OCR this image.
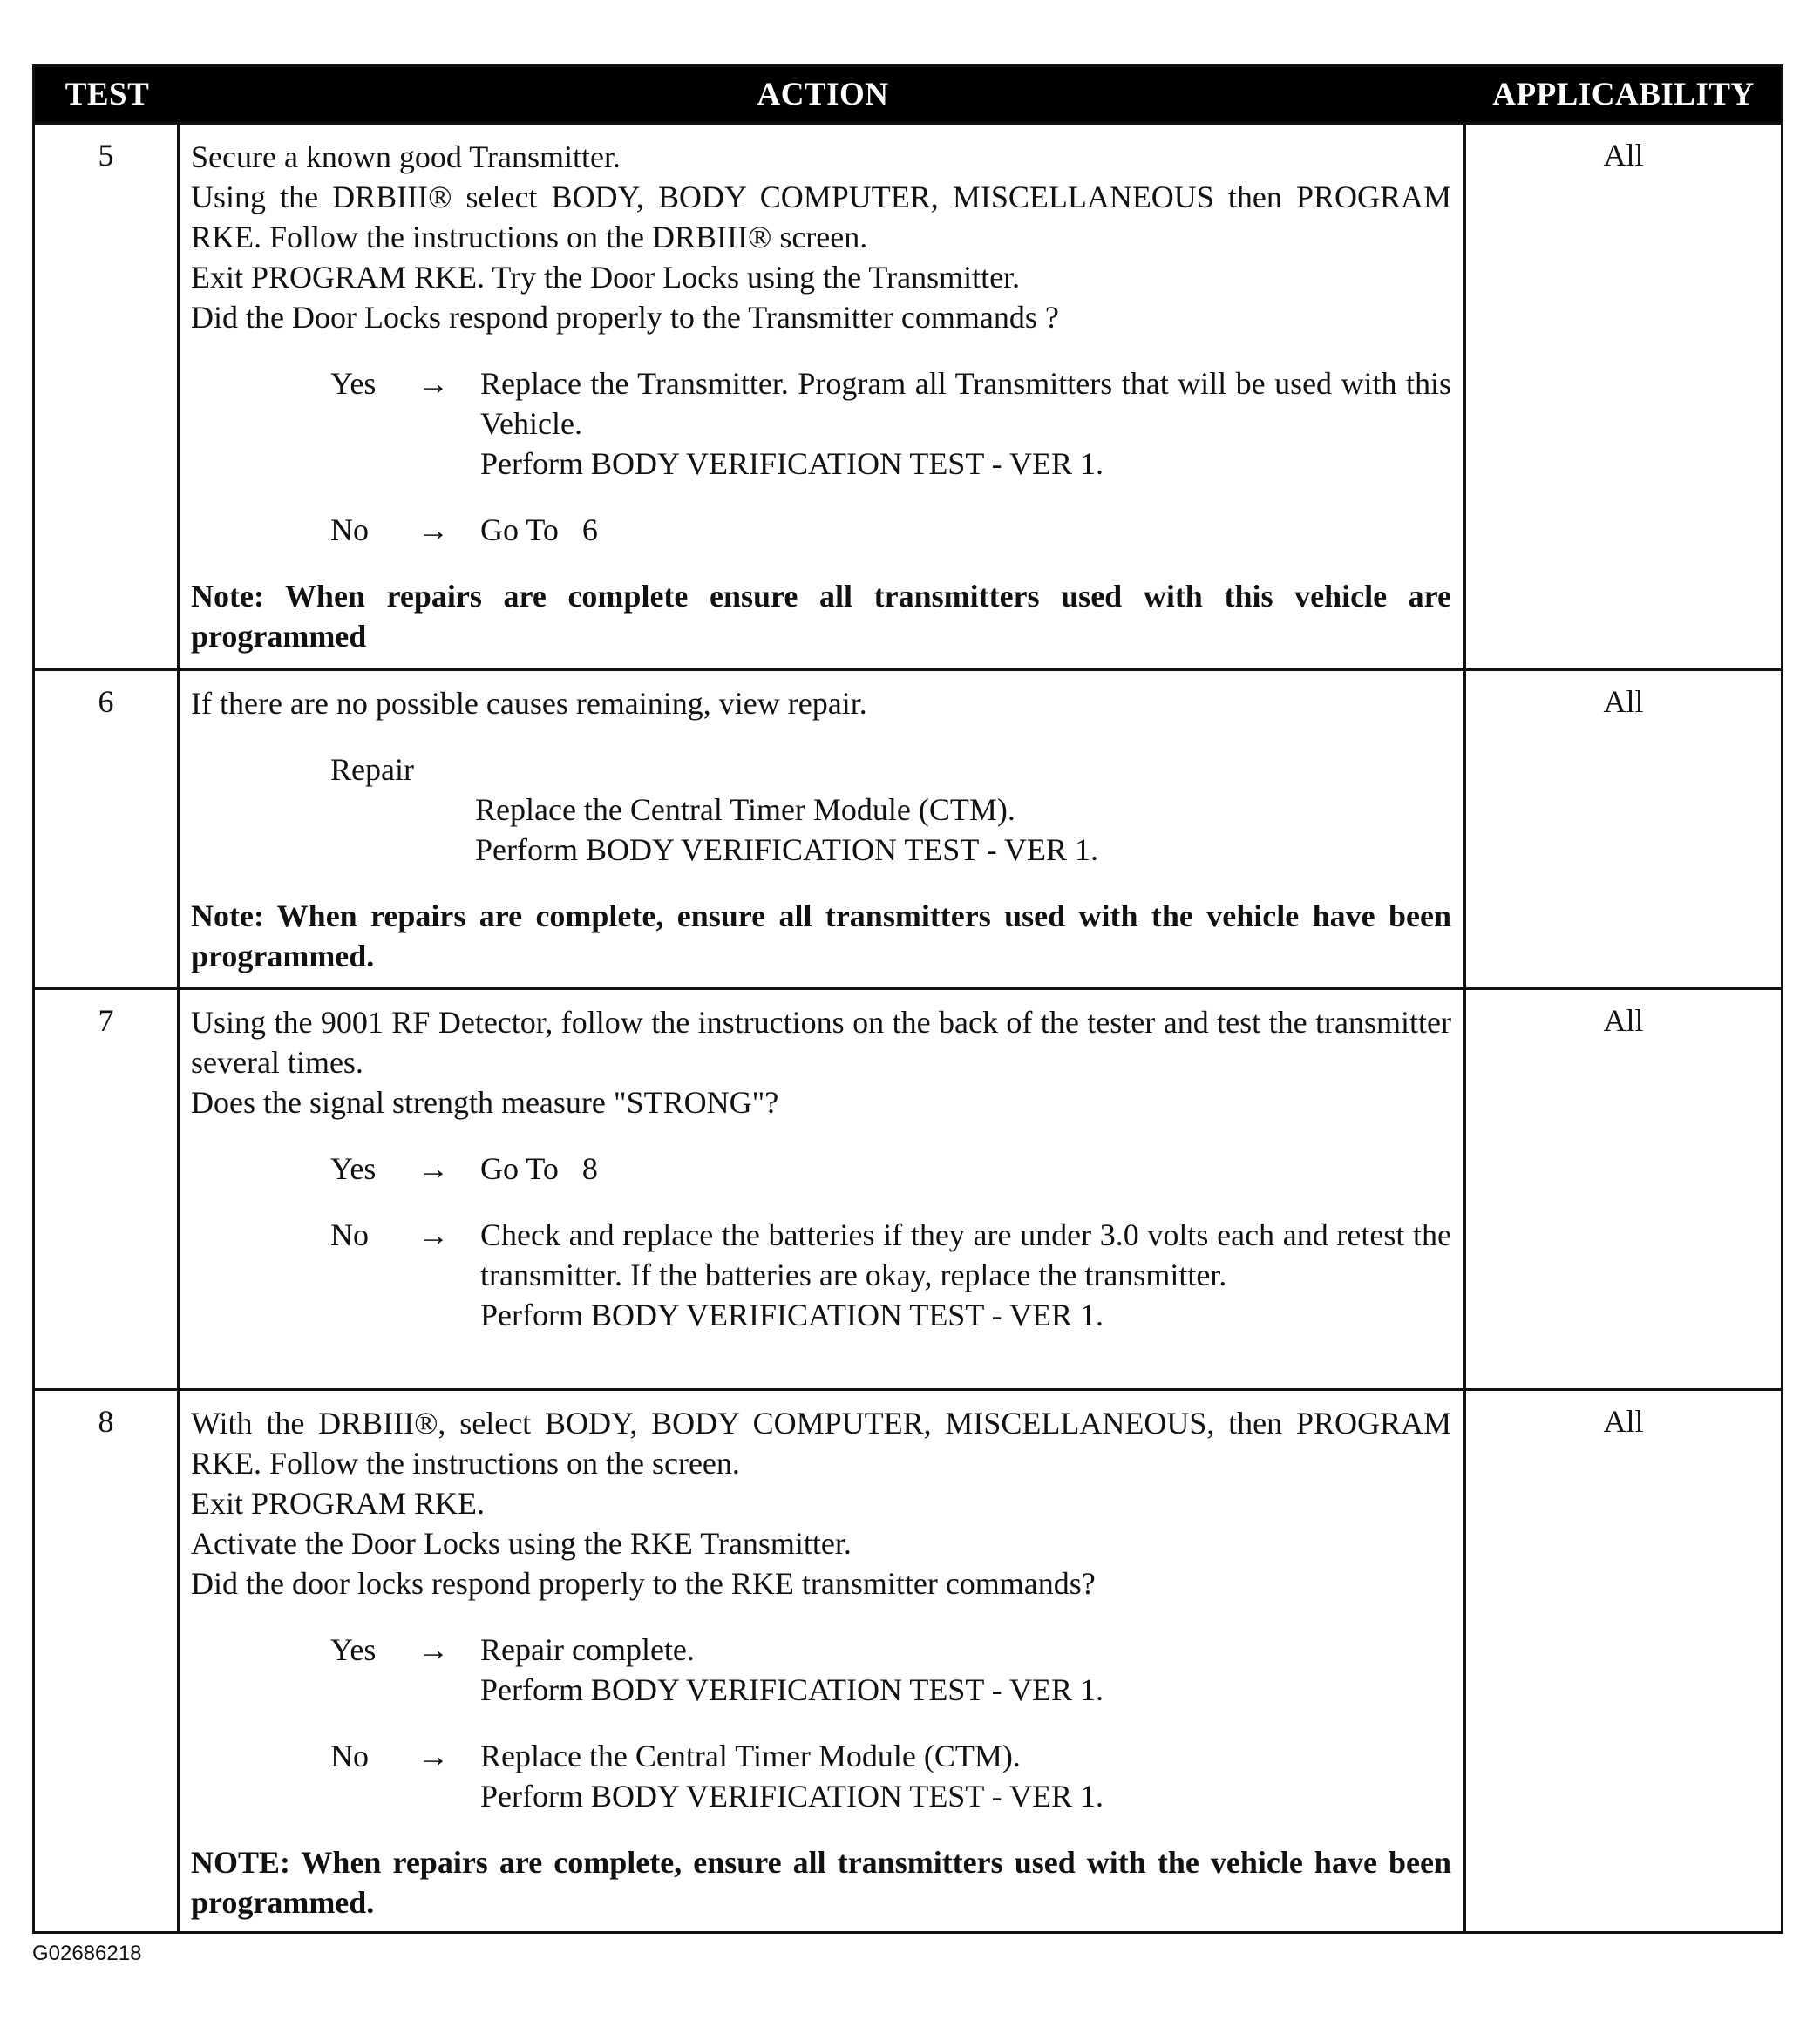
TEST	ACTION	APPLICABILITY
5	Secure a known good Transmitter.

Using the DRBIII® select BODY, BODY COMPUTER, MISCELLANEOUS then PROGRAM RKE. Follow the instructions on the DRBIII® screen.

Exit PROGRAM RKE. Try the Door Locks using the Transmitter.

Did the Door Locks respond properly to the Transmitter commands ?

Yes	→	Replace the Transmitter. Program all Transmitters that will be used with this Vehicle.
Perform BODY VERIFICATION TEST - VER 1.
No	→	Go To   6
Note: When repairs are complete ensure all transmitters used with this vehicle are programmed
All
6	If there are no possible causes remaining, view repair.

Repair
Replace the Central Timer Module (CTM).
Perform BODY VERIFICATION TEST - VER 1.
Note: When repairs are complete, ensure all transmitters used with the vehicle have been programmed.
All
7	Using the 9001 RF Detector, follow the instructions on the back of the tester and test the transmitter several times.

Does the signal strength measure "STRONG"?

Yes	→	Go To   8
No	→	Check and replace the batteries if they are under 3.0 volts each and retest the transmitter. If the batteries are okay, replace the transmitter.
Perform BODY VERIFICATION TEST - VER 1.
All
8	With the DRBIII®, select BODY, BODY COMPUTER, MISCELLANEOUS, then PROGRAM RKE. Follow the instructions on the screen.

Exit PROGRAM RKE.

Activate the Door Locks using the RKE Transmitter.

Did the door locks respond properly to the RKE transmitter commands?

Yes	→	Repair complete.
Perform BODY VERIFICATION TEST - VER 1.
No	→	Replace the Central Timer Module (CTM).
Perform BODY VERIFICATION TEST - VER 1.
NOTE: When repairs are complete, ensure all transmitters used with the vehicle have been programmed.
All
G02686218
